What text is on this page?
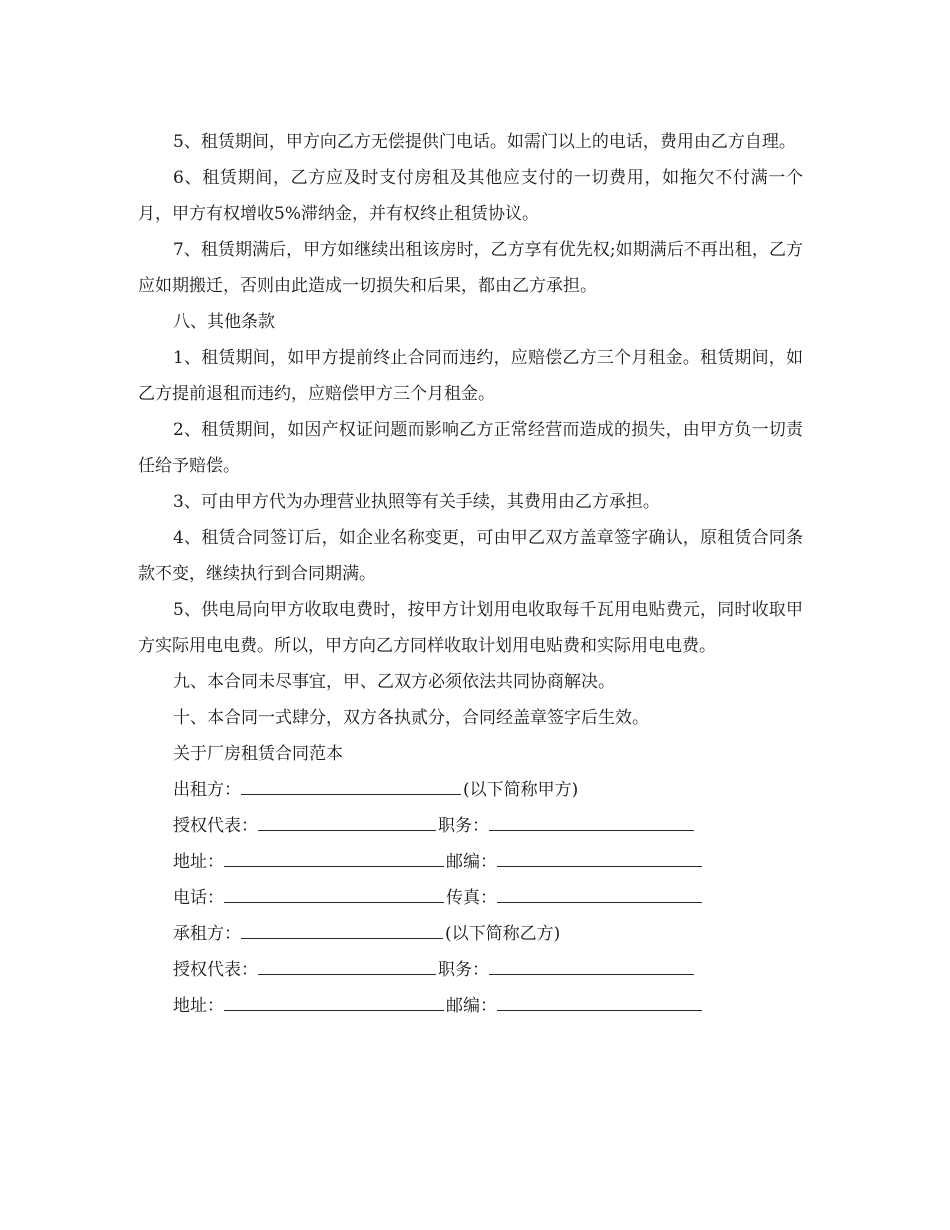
5、租赁期间，甲方向乙方无偿提供门电话。如需门以上的电话，费用由乙方自理。

6、租赁期间，乙方应及时支付房租及其他应支付的一切费用，如拖欠不付满一个月，甲方有权增收5%滞纳金，并有权终止租赁协议。

7、租赁期满后，甲方如继续出租该房时，乙方享有优先权;如期满后不再出租，乙方应如期搬迁，否则由此造成一切损失和后果，都由乙方承担。

八、其他条款

1、租赁期间，如甲方提前终止合同而违约，应赔偿乙方三个月租金。租赁期间，如乙方提前退租而违约，应赔偿甲方三个月租金。

2、租赁期间，如因产权证问题而影响乙方正常经营而造成的损失，由甲方负一切责任给予赔偿。

3、可由甲方代为办理营业执照等有关手续，其费用由乙方承担。

4、租赁合同签订后，如企业名称变更，可由甲乙双方盖章签字确认，原租赁合同条款不变，继续执行到合同期满。

5、供电局向甲方收取电费时，按甲方计划用电收取每千瓦用电贴费元，同时收取甲方实际用电电费。所以，甲方向乙方同样收取计划用电贴费和实际用电电费。

九、本合同未尽事宜，甲、乙双方必须依法共同协商解决。

十、本合同一式肆分，双方各执贰分，合同经盖章签字后生效。

关于厂房租赁合同范本

出租方：	(以下简称甲方)
授权代表：	职务：
地址：	邮编：
电话：	传真：
承租方：	(以下简称乙方)
授权代表：	职务：
地址：	邮编：
